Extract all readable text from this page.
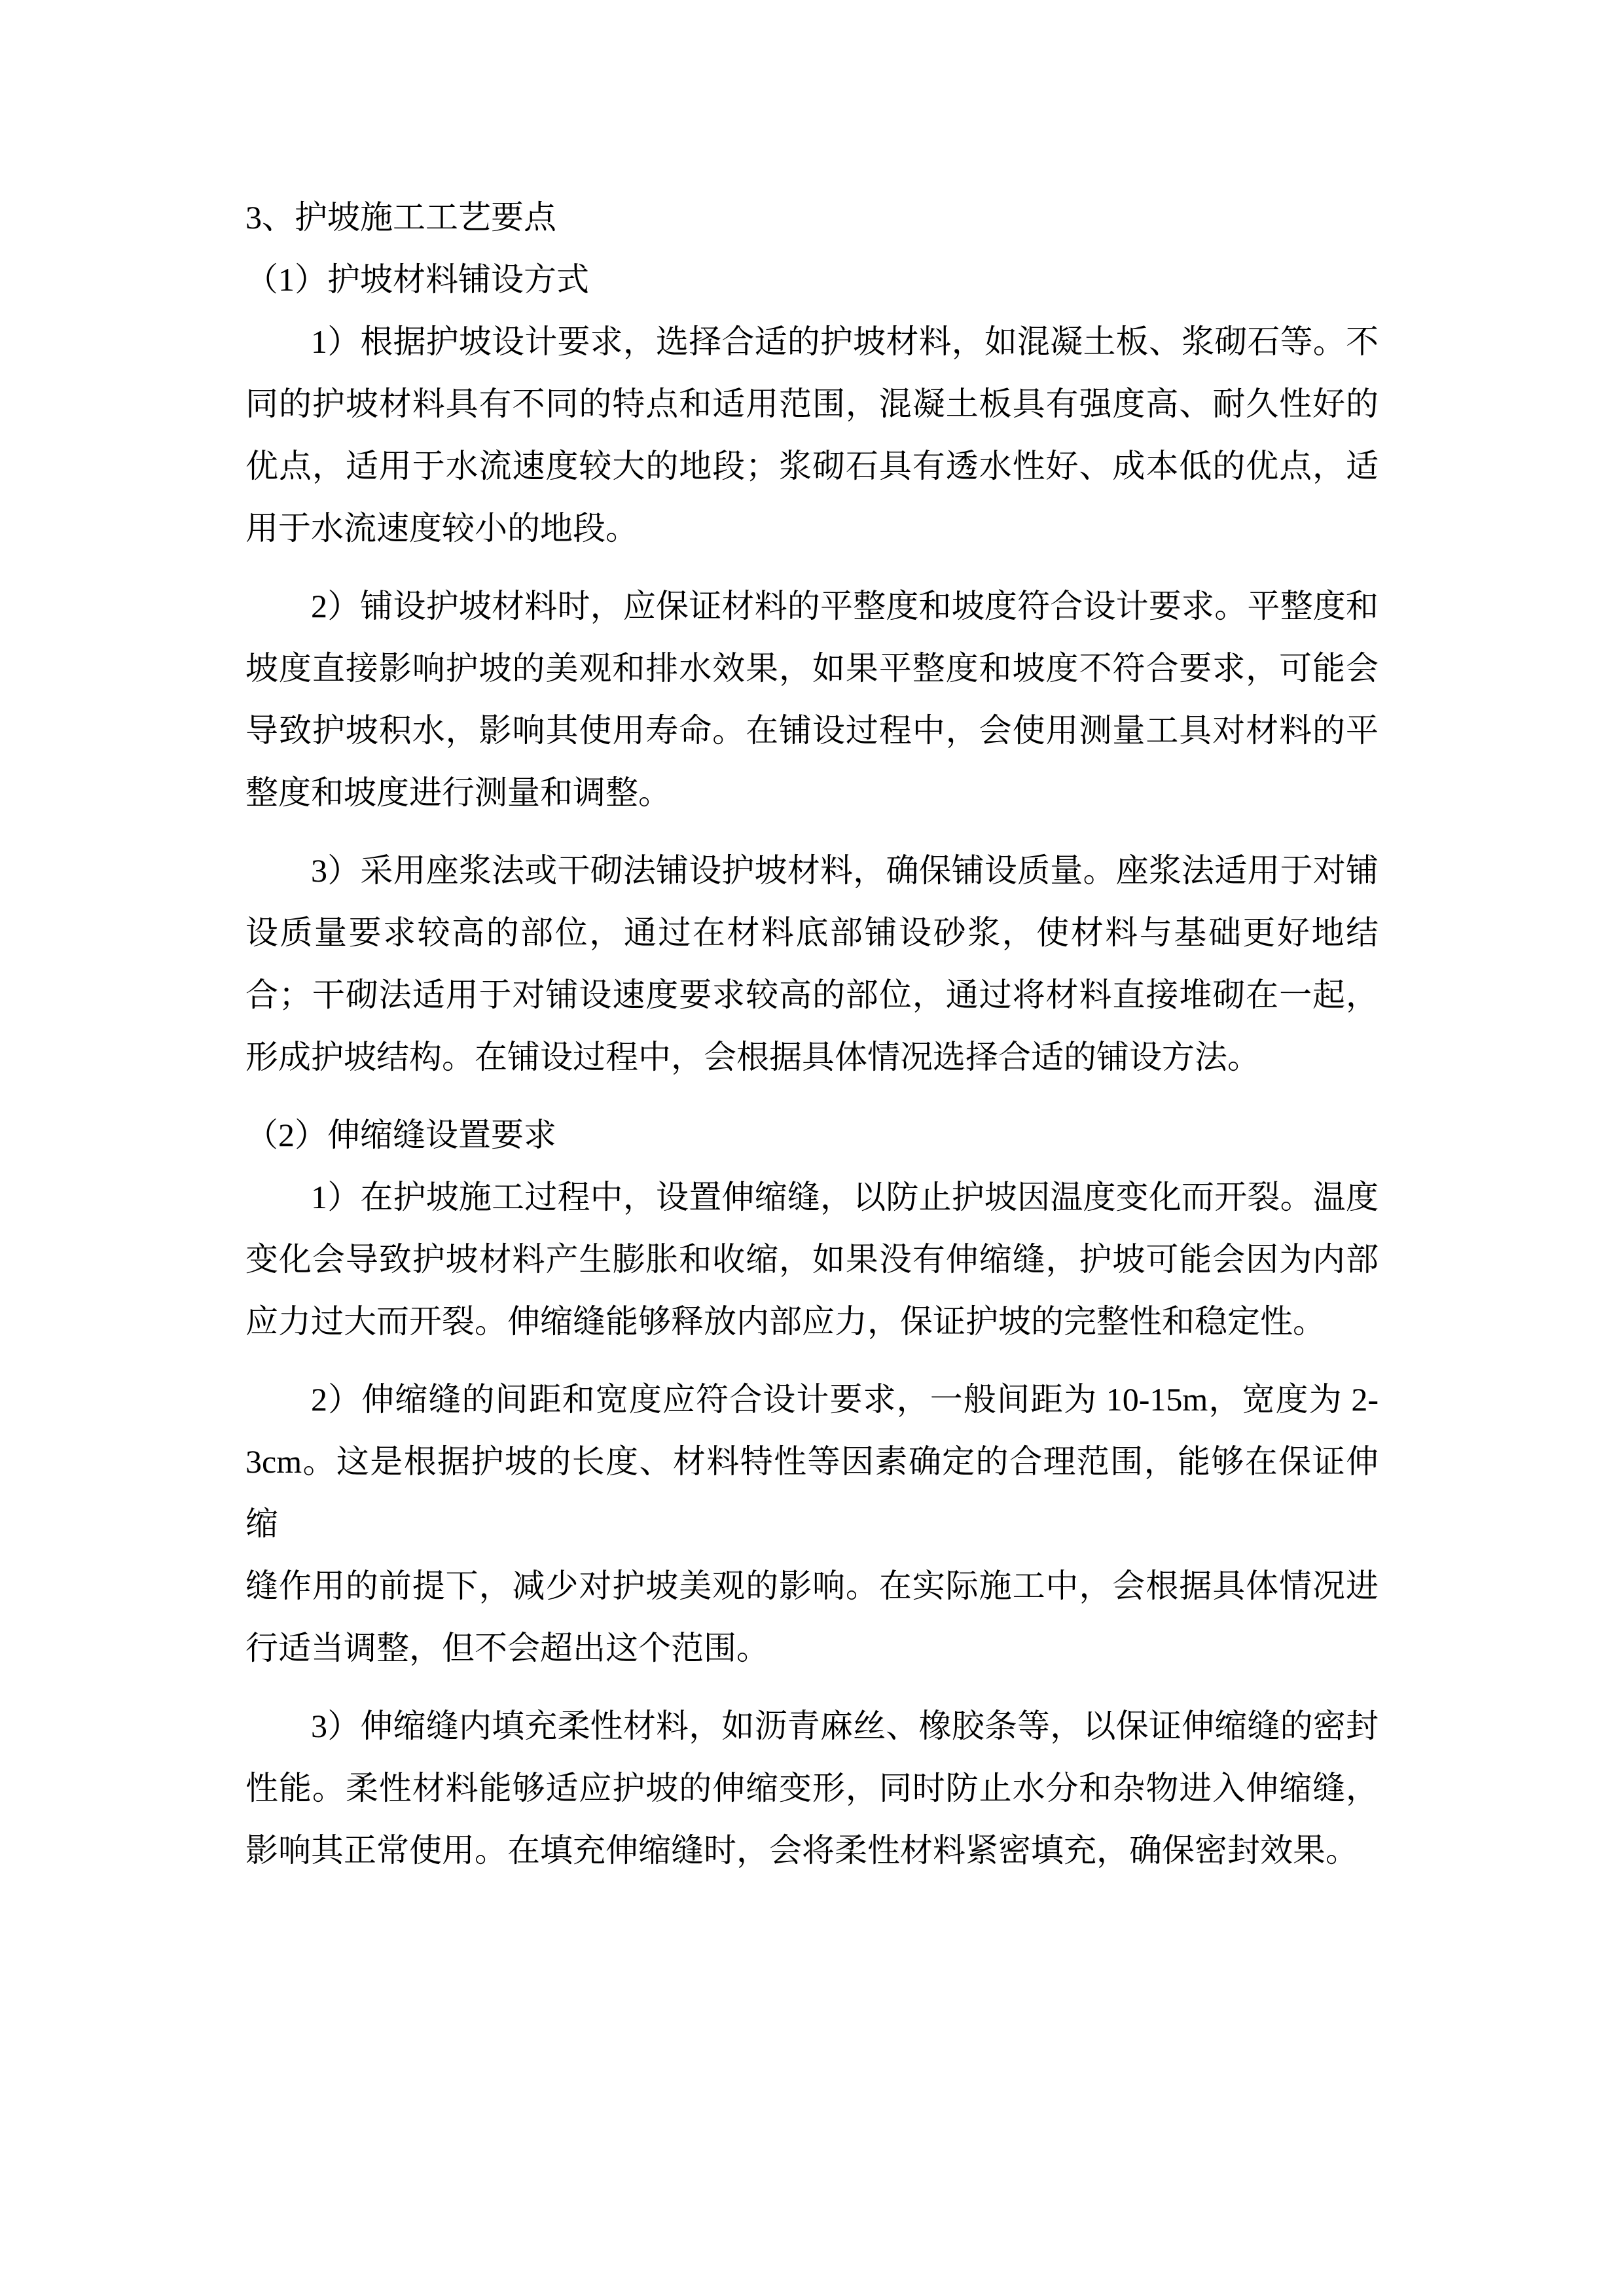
3、护坡施工工艺要点
（1）护坡材料铺设方式
1）根据护坡设计要求，选择合适的护坡材料，如混凝土板、浆砌石等。不
同的护坡材料具有不同的特点和适用范围，混凝土板具有强度高、耐久性好的
优点，适用于水流速度较大的地段；浆砌石具有透水性好、成本低的优点，适
用于水流速度较小的地段。
2）铺设护坡材料时，应保证材料的平整度和坡度符合设计要求。平整度和
坡度直接影响护坡的美观和排水效果，如果平整度和坡度不符合要求，可能会
导致护坡积水，影响其使用寿命。在铺设过程中，会使用测量工具对材料的平
整度和坡度进行测量和调整。
3）采用座浆法或干砌法铺设护坡材料，确保铺设质量。座浆法适用于对铺
设质量要求较高的部位，通过在材料底部铺设砂浆，使材料与基础更好地结
合；干砌法适用于对铺设速度要求较高的部位，通过将材料直接堆砌在一起，
形成护坡结构。在铺设过程中，会根据具体情况选择合适的铺设方法。
（2）伸缩缝设置要求
1）在护坡施工过程中，设置伸缩缝，以防止护坡因温度变化而开裂。温度
变化会导致护坡材料产生膨胀和收缩，如果没有伸缩缝，护坡可能会因为内部
应力过大而开裂。伸缩缝能够释放内部应力，保证护坡的完整性和稳定性。
2）伸缩缝的间距和宽度应符合设计要求，一般间距为 10-15m，宽度为 2-
3cm。这是根据护坡的长度、材料特性等因素确定的合理范围，能够在保证伸缩
缝作用的前提下，减少对护坡美观的影响。在实际施工中，会根据具体情况进
行适当调整，但不会超出这个范围。
3）伸缩缝内填充柔性材料，如沥青麻丝、橡胶条等，以保证伸缩缝的密封
性能。柔性材料能够适应护坡的伸缩变形，同时防止水分和杂物进入伸缩缝，
影响其正常使用。在填充伸缩缝时，会将柔性材料紧密填充，确保密封效果。
